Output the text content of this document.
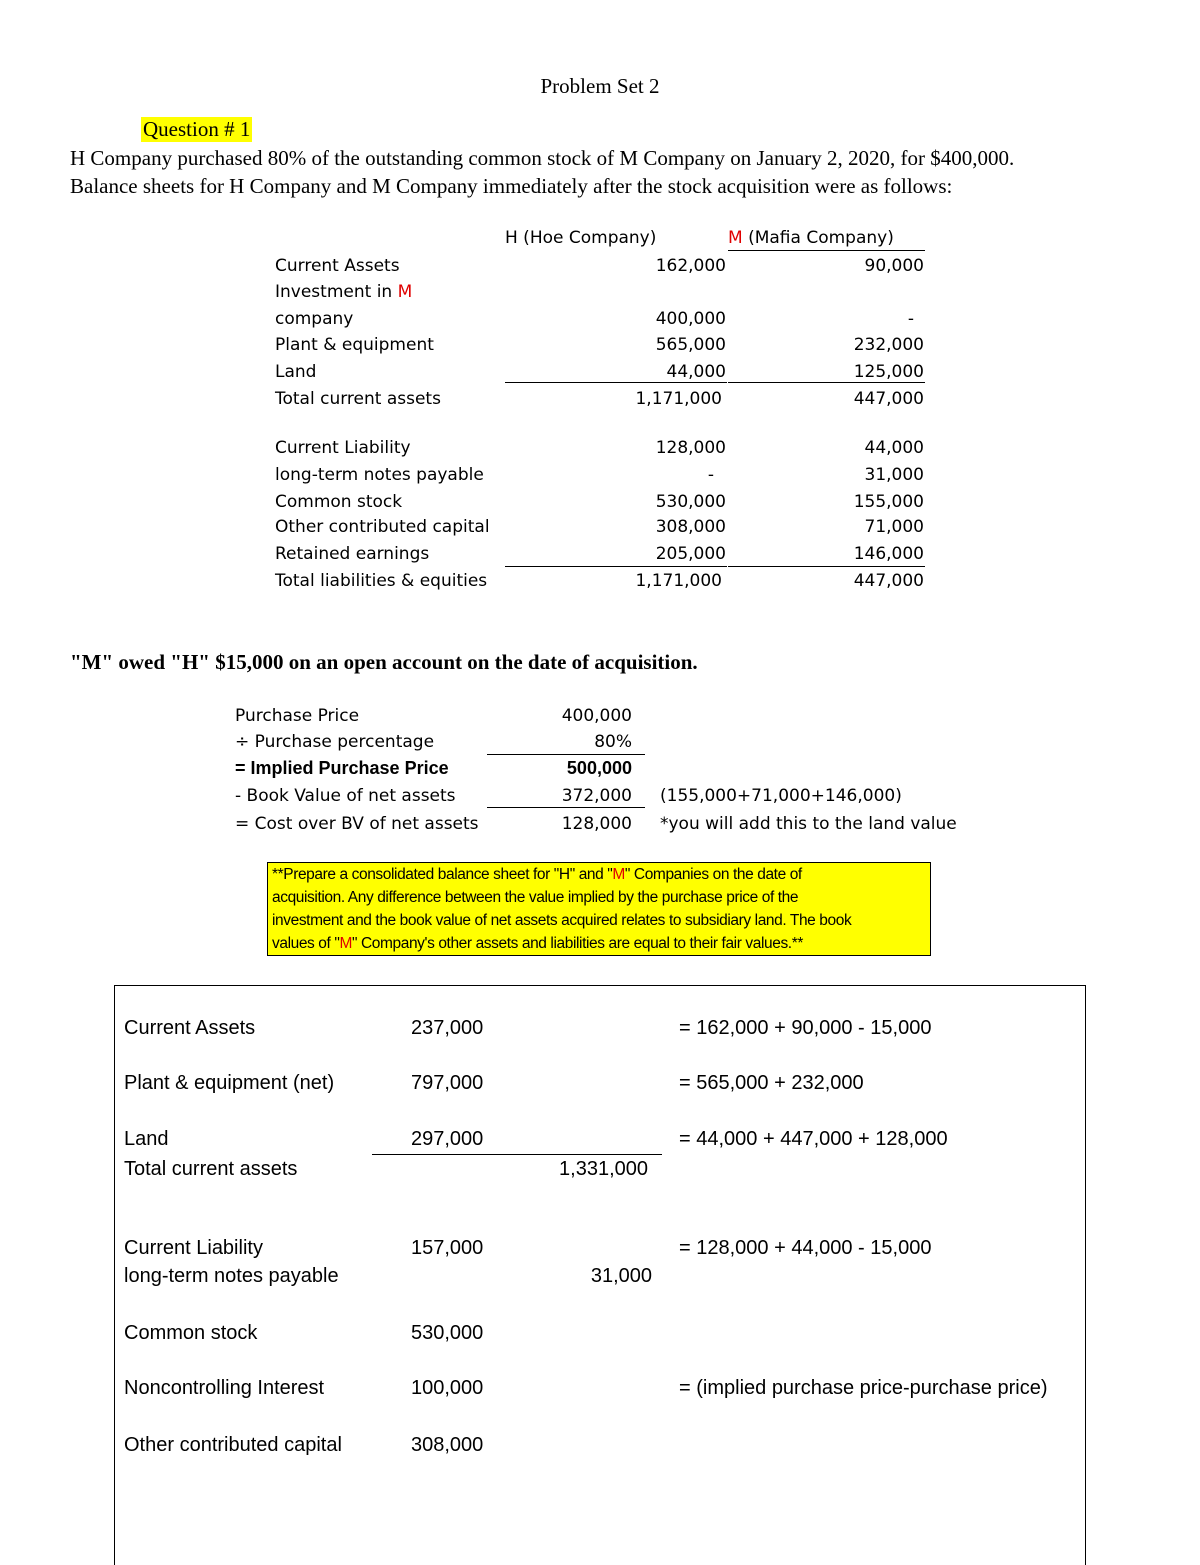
Problem Set 2
Question # 1
H Company purchased 80% of the outstanding common stock of M Company on January 2, 2020, for $400,000.
Balance sheets for H Company and M Company immediately after the stock acquisition were as follows:
H (Hoe Company)	M (Mafia Company)
Current Assets	162,000	90,000
Investment in M
company	400,000	-
Plant & equipment	565,000	232,000
Land	44,000	125,000
Total current assets	1,171,000	447,000
Current Liability	128,000	44,000
long-term notes payable	-	31,000
Common stock	530,000	155,000
Other contributed capital	308,000	71,000
Retained earnings	205,000	146,000
Total liabilities & equities	1,171,000	447,000
"M" owed "H" $15,000 on an open account on the date of acquisition.
Purchase Price	400,000
÷ Purchase percentage	80%
= Implied Purchase Price	500,000
- Book Value of net assets	372,000 (155,000+71,000+146,000)
= Cost over BV of net assets	128,000 *you will add this to the land value
**Prepare a consolidated balance sheet for "H" and "M" Companies on the date of
acquisition. Any difference between the value implied by the purchase price of the
investment and the book value of net assets acquired relates to subsidiary land. The book
values of "M" Company's other assets and liabilities are equal to their fair values.**
Current Assets	237,000	= 162,000 + 90,000 - 15,000
Plant & equipment (net)	797,000	= 565,000 + 232,000
Land	297,000	= 44,000 + 447,000 + 128,000
Total current assets	1,331,000
Current Liability	157,000	= 128,000 + 44,000 - 15,000
long-term notes payable	31,000
Common stock	530,000
Noncontrolling Interest	100,000	= (implied purchase price-purchase price)
Other contributed capital	308,000
